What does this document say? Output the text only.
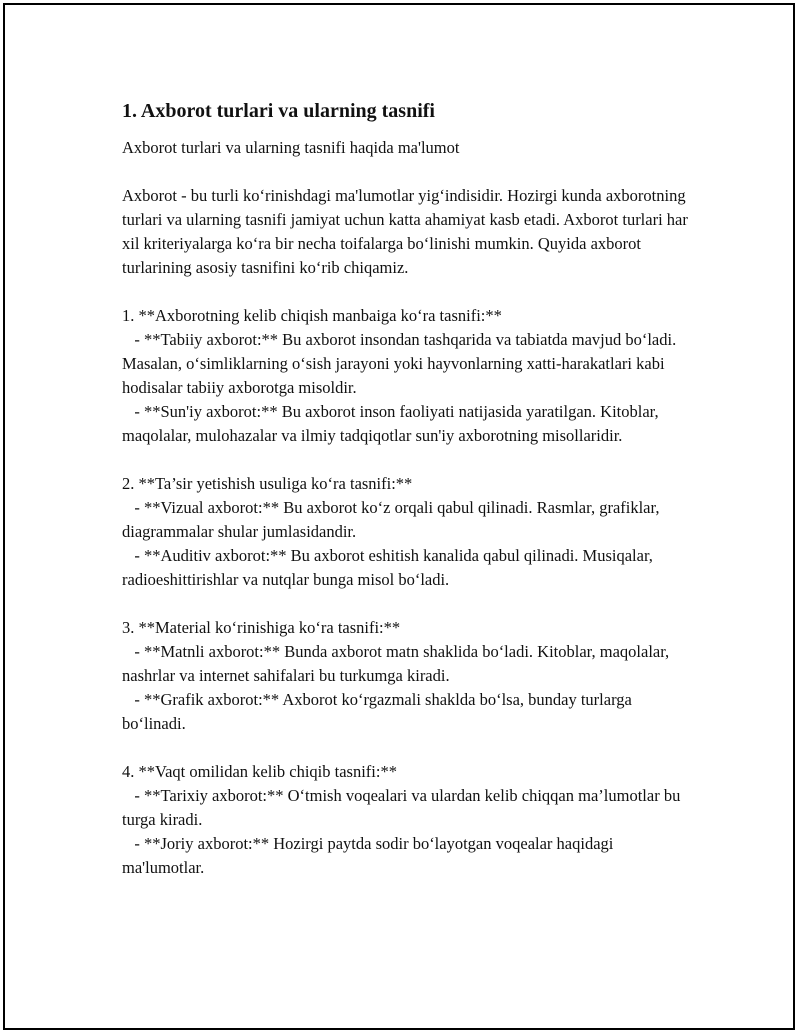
1. Axborot turlari va ularning tasnifi

Axborot turlari va ularning tasnifi haqida ma'lumot

Axborot - bu turli ko‘rinishdagi ma'lumotlar yig‘indisidir. Hozirgi kunda axborotning turlari va ularning tasnifi jamiyat uchun katta ahamiyat kasb etadi. Axborot turlari har xil kriteriyalarga ko‘ra bir necha toifalarga bo‘linishi mumkin. Quyida axborot turlarining asosiy tasnifini ko‘rib chiqamiz.

1. **Axborotning kelib chiqish manbaiga ko‘ra tasnifi:**

- **Tabiiy axborot:** Bu axborot insondan tashqarida va tabiatda mavjud bo‘ladi. Masalan, o‘simliklarning o‘sish jarayoni yoki hayvonlarning xatti-harakatlari kabi hodisalar tabiiy axborotga misoldir.

- **Sun'iy axborot:** Bu axborot inson faoliyati natijasida yaratilgan. Kitoblar, maqolalar, mulohazalar va ilmiy tadqiqotlar sun'iy axborotning misollaridir.

2. **Ta’sir yetishish usuliga ko‘ra tasnifi:**

- **Vizual axborot:** Bu axborot ko‘z orqali qabul qilinadi. Rasmlar, grafiklar, diagrammalar shular jumlasidandir.

- **Auditiv axborot:** Bu axborot eshitish kanalida qabul qilinadi. Musiqalar, radioeshittirishlar va nutqlar bunga misol bo‘ladi.

3. **Material ko‘rinishiga ko‘ra tasnifi:**

- **Matnli axborot:** Bunda axborot matn shaklida bo‘ladi. Kitoblar, maqolalar, nashrlar va internet sahifalari bu turkumga kiradi.

- **Grafik axborot:** Axborot ko‘rgazmali shaklda bo‘lsa, bunday turlarga bo‘linadi.

4. **Vaqt omilidan kelib chiqib tasnifi:**

- **Tarixiy axborot:** O‘tmish voqealari va ulardan kelib chiqqan ma’lumotlar bu turga kiradi.

- **Joriy axborot:** Hozirgi paytda sodir bo‘layotgan voqealar haqidagi ma'lumotlar.
